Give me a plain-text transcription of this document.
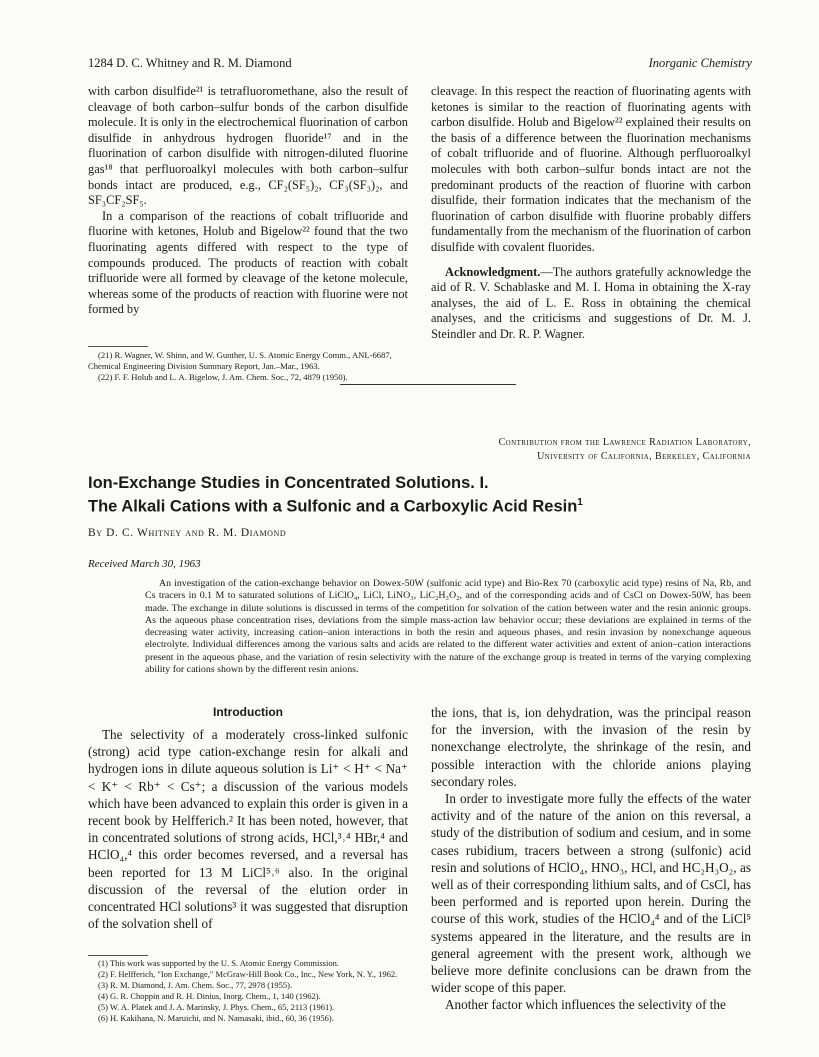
1284 D. C. Whitney and R. M. Diamond	Inorganic Chemistry

with carbon disulfide²¹ is tetrafluoromethane, also the result of cleavage of both carbon–sulfur bonds of the carbon disulfide molecule. It is only in the electrochemical fluorination of carbon disulfide in anhydrous hydrogen fluoride¹⁷ and in the fluorination of carbon disulfide with nitrogen-diluted fluorine gas¹⁸ that perfluoroalkyl molecules with both carbon–sulfur bonds intact are produced, e.g., CF₂(SF₅)₂, CF₃(SF₃)₂, and SF₃CF₂SF₅.

In a comparison of the reactions of cobalt trifluoride and fluorine with ketones, Holub and Bigelow²² found that the two fluorinating agents differed with respect to the type of compounds produced. The products of reaction with cobalt trifluoride were all formed by cleavage of the ketone molecule, whereas some of the products of reaction with fluorine were not formed by

(21) R. Wagner, W. Shinn, and W. Gunther, U. S. Atomic Energy Comm., ANL-6687, Chemical Engineering Division Summary Report, Jan.–Mar., 1963.

(22) F. F. Holub and L. A. Bigelow, J. Am. Chem. Soc., 72, 4879 (1950).

cleavage. In this respect the reaction of fluorinating agents with ketones is similar to the reaction of fluorinating agents with carbon disulfide. Holub and Bigelow²² explained their results on the basis of a difference between the fluorination mechanisms of cobalt trifluoride and of fluorine. Although perfluoroalkyl molecules with both carbon–sulfur bonds intact are not the predominant products of the reaction of fluorine with carbon disulfide, their formation indicates that the mechanism of the fluorination of carbon disulfide with fluorine probably differs fundamentally from the mechanism of the fluorination of carbon disulfide with covalent fluorides.

Acknowledgment.—The authors gratefully acknowledge the aid of R. V. Schablaske and M. I. Homa in obtaining the X-ray analyses, the aid of L. E. Ross in obtaining the chemical analyses, and the criticisms and suggestions of Dr. M. J. Steindler and Dr. R. P. Wagner.

Contribution from the Lawrence Radiation Laboratory,
University of California, Berkeley, California
Ion-Exchange Studies in Concentrated Solutions. I.
The Alkali Cations with a Sulfonic and a Carboxylic Acid Resin$^1$
By D. C. Whitney and R. M. Diamond
Received March 30, 1963
An investigation of the cation-exchange behavior on Dowex-50W (sulfonic acid type) and Bio-Rex 70 (carboxylic acid type) resins of Na, Rb, and Cs tracers in 0.1 M to saturated solutions of LiClO₄, LiCl, LiNO₃, LiC₂H₃O₂, and of the corresponding acids and of CsCl on Dowex-50W, has been made. The exchange in dilute solutions is discussed in terms of the competition for solvation of the cation between water and the resin anionic groups. As the aqueous phase concentration rises, deviations from the simple mass-action law behavior occur; these deviations are explained in terms of the decreasing water activity, increasing cation–anion interactions in both the resin and aqueous phases, and resin invasion by nonexchange aqueous electrolyte. Individual differences among the various salts and acids are related to the different water activities and extent of anion–cation interactions present in the aqueous phase, and the variation of resin selectivity with the nature of the exchange group is treated in terms of the varying complexing ability for cations shown by the different resin anions.
Introduction

The selectivity of a moderately cross-linked sulfonic (strong) acid type cation-exchange resin for alkali and hydrogen ions in dilute aqueous solution is Li⁺ < H⁺ < Na⁺ < K⁺ < Rb⁺ < Cs⁺; a discussion of the various models which have been advanced to explain this order is given in a recent book by Helfferich.² It has been noted, however, that in concentrated solutions of strong acids, HCl,³˒⁴ HBr,⁴ and HClO₄,⁴ this order becomes reversed, and a reversal has been reported for 13 M LiCl⁵˒⁶ also. In the original discussion of the reversal of the elution order in concentrated HCl solutions³ it was suggested that disruption of the solvation shell of

(1) This work was supported by the U. S. Atomic Energy Commission.

(2) F. Helfferich, "Ion Exchange," McGraw-Hill Book Co., Inc., New York, N. Y., 1962.

(3) R. M. Diamond, J. Am. Chem. Soc., 77, 2978 (1955).

(4) G. R. Choppin and R. H. Dinius, Inorg. Chem., 1, 140 (1962).

(5) W. A. Platek and J. A. Marinsky, J. Phys. Chem., 65, 2113 (1961).

(6) H. Kakihana, N. Maruichi, and N. Namasaki, ibid., 60, 36 (1956).

the ions, that is, ion dehydration, was the principal reason for the inversion, with the invasion of the resin by nonexchange electrolyte, the shrinkage of the resin, and possible interaction with the chloride anions playing secondary roles.

In order to investigate more fully the effects of the water activity and of the nature of the anion on this reversal, a study of the distribution of sodium and cesium, and in some cases rubidium, tracers between a strong (sulfonic) acid resin and solutions of HClO₄, HNO₃, HCl, and HC₂H₃O₂, as well as of their corresponding lithium salts, and of CsCl, has been performed and is reported upon herein. During the course of this work, studies of the HClO₄⁴ and of the LiCl⁵ systems appeared in the literature, and the results are in general agreement with the present work, although we believe more definite conclusions can be drawn from the wider scope of this paper.

Another factor which influences the selectivity of the
